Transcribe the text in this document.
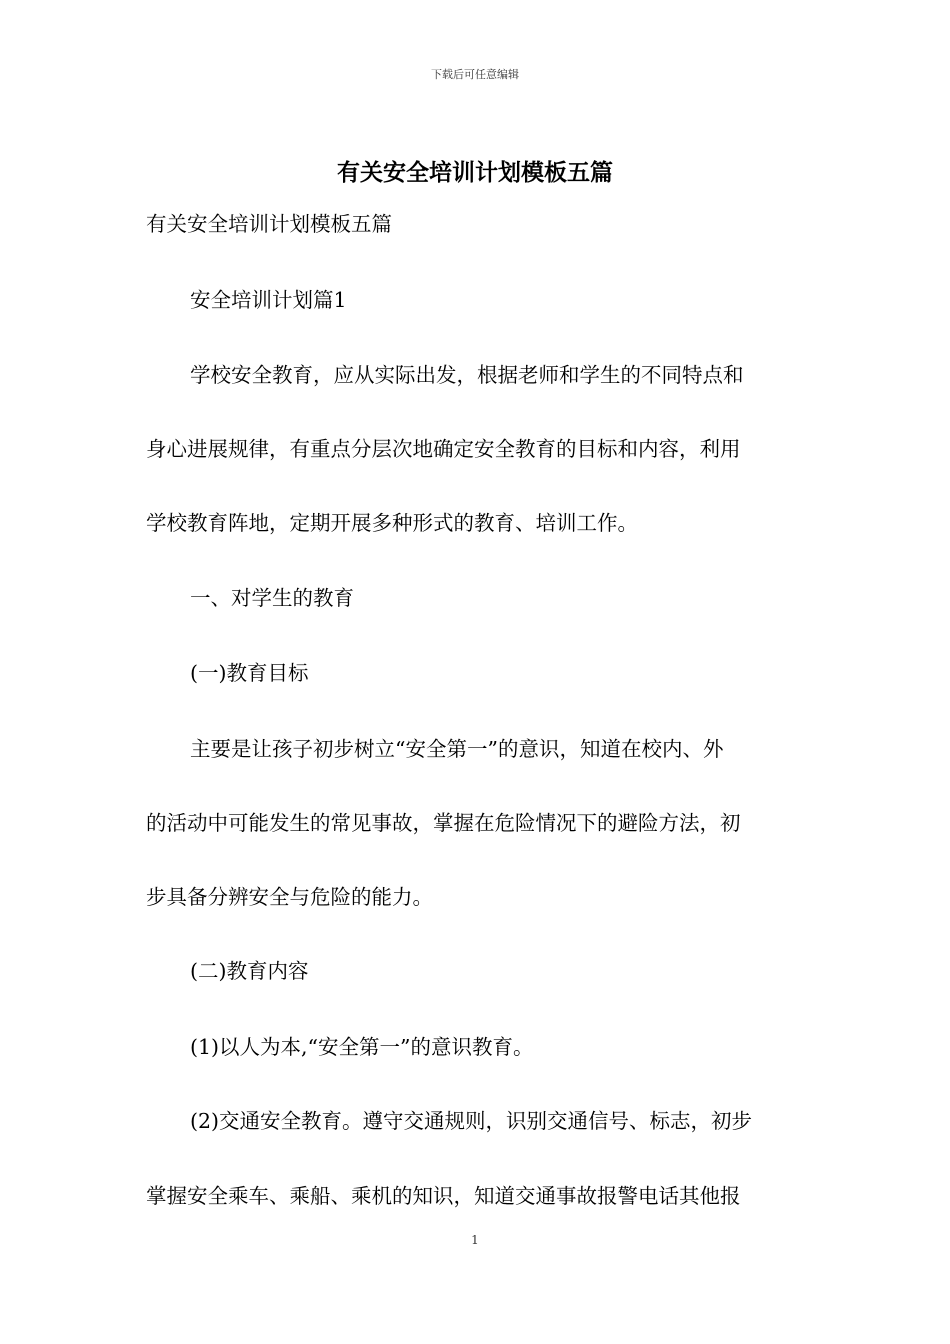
下载后可任意编辑
有关安全培训计划模板五篇
有关安全培训计划模板五篇
安全培训计划篇1
学校安全教育，应从实际出发，根据老师和学生的不同特点和
身心进展规律，有重点分层次地确定安全教育的目标和内容，利用
学校教育阵地，定期开展多种形式的教育、培训工作。
一、对学生的教育
(一)教育目标
主要是让孩子初步树立“安全第一”的意识，知道在校内、外
的活动中可能发生的常见事故，掌握在危险情况下的避险方法，初
步具备分辨安全与危险的能力。
(二)教育内容
(1)以人为本,“安全第一”的意识教育。
(2)交通安全教育。遵守交通规则，识别交通信号、标志，初步
掌握安全乘车、乘船、乘机的知识，知道交通事故报警电话其他报
1
